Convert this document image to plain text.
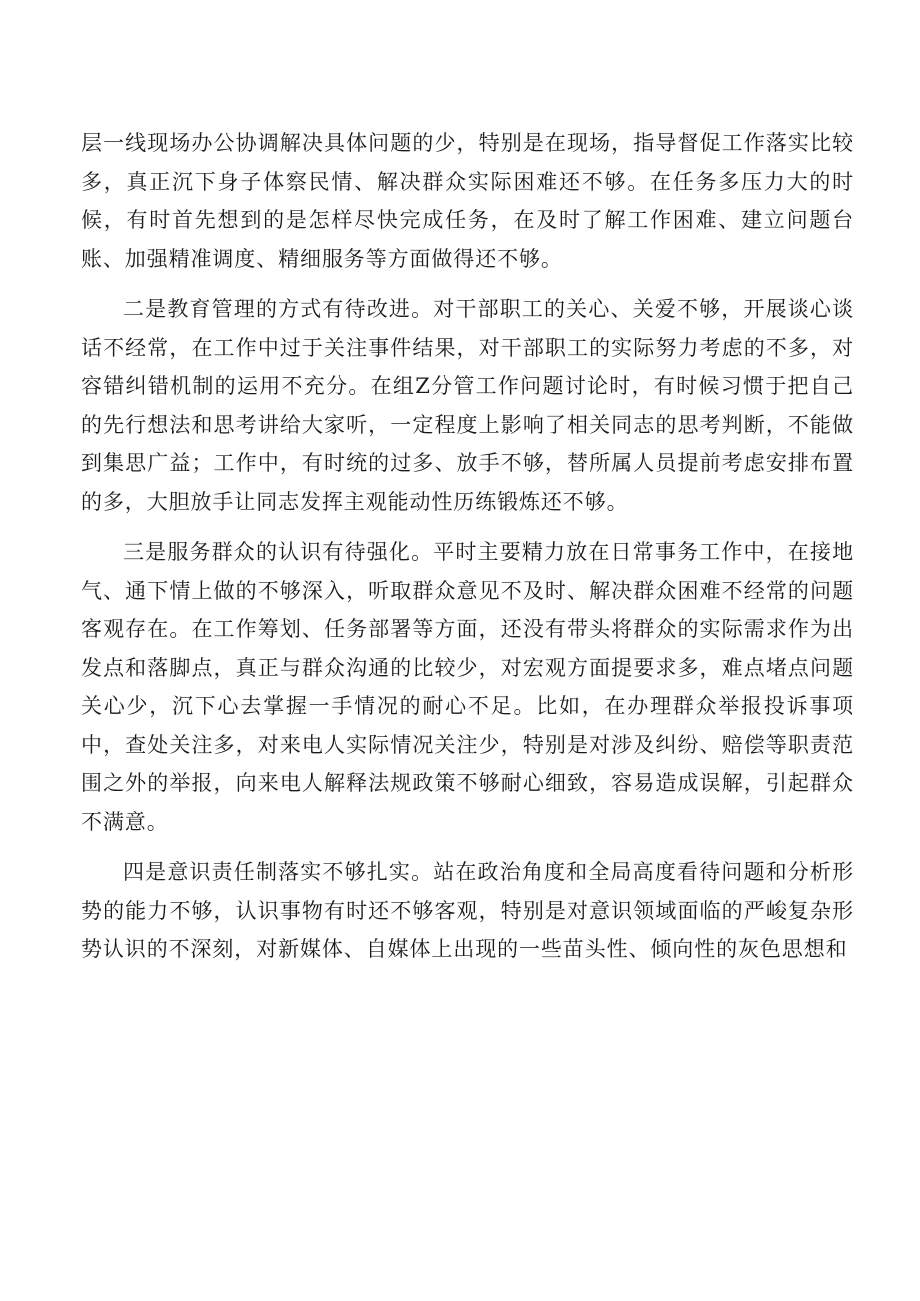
层一线现场办公协调解决具体问题的少，特别是在现场，指导督促工作落实比较多，真正沉下身子体察民情、解决群众实际困难还不够。在任务多压力大的时候，有时首先想到的是怎样尽快完成任务，在及时了解工作困难、建立问题台账、加强精准调度、精细服务等方面做得还不够。

二是教育管理的方式有待改进。对干部职工的关心、关爱不够，开展谈心谈话不经常，在工作中过于关注事件结果，对干部职工的实际努力考虑的不多，对容错纠错机制的运用不充分。在组Z分管工作问题讨论时，有时候习惯于把自己的先行想法和思考讲给大家听，一定程度上影响了相关同志的思考判断，不能做到集思广益；工作中，有时统的过多、放手不够，替所属人员提前考虑安排布置的多，大胆放手让同志发挥主观能动性历练锻炼还不够。

三是服务群众的认识有待强化。平时主要精力放在日常事务工作中，在接地气、通下情上做的不够深入，听取群众意见不及时、解决群众困难不经常的问题客观存在。在工作筹划、任务部署等方面，还没有带头将群众的实际需求作为出发点和落脚点，真正与群众沟通的比较少，对宏观方面提要求多，难点堵点问题关心少，沉下心去掌握一手情况的耐心不足。比如，在办理群众举报投诉事项中，查处关注多，对来电人实际情况关注少，特别是对涉及纠纷、赔偿等职责范围之外的举报，向来电人解释法规政策不够耐心细致，容易造成误解，引起群众不满意。

四是意识责任制落实不够扎实。站在政治角度和全局高度看待问题和分析形势的能力不够，认识事物有时还不够客观，特别是对意识领域面临的严峻复杂形势认识的不深刻，对新媒体、自媒体上出现的一些苗头性、倾向性的灰色思想和
